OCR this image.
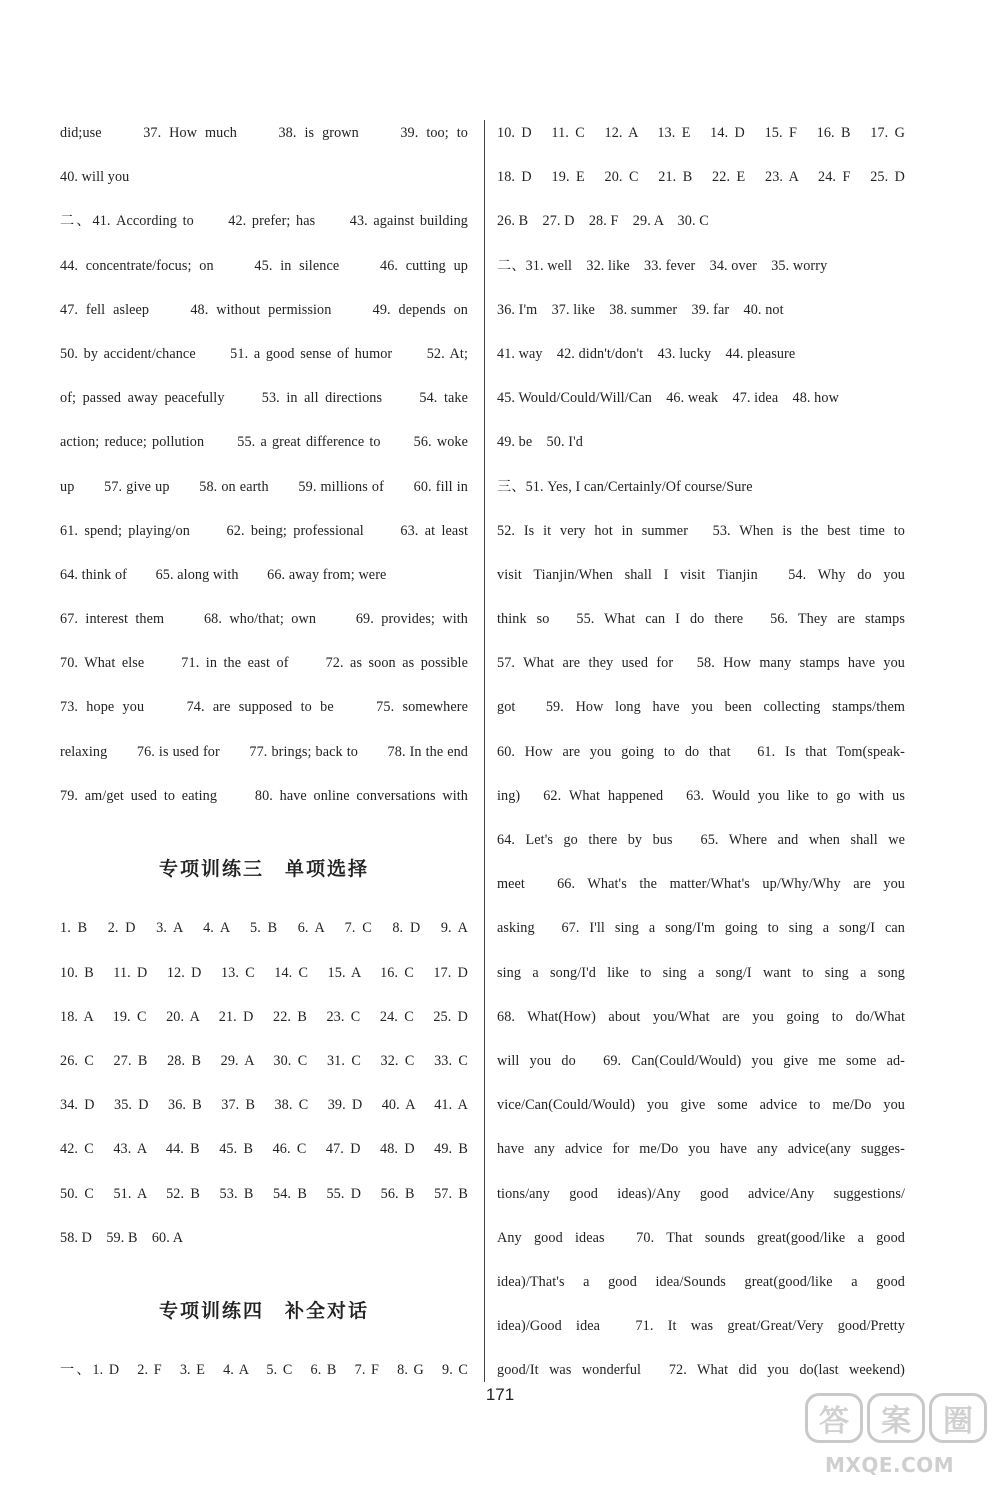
did;use　　37. How much　　38. is grown　　39. too; to
40. will you
二、41. According to　　42. prefer; has　　43. against building
44. concentrate/focus; on　　45. in silence　　46. cutting up
47. fell asleep　　48. without permission　　49. depends on
50. by accident/chance　　51. a good sense of humor　　52. At;
of; passed away peacefully　　53. in all directions　　54. take
action; reduce; pollution　　55. a great difference to　　56. woke
up　　57. give up　　58. on earth　　59. millions of　　60. fill in
61. spend; playing/on　　62. being; professional　　63. at least
64. think of　　65. along with　　66. away from; were
67. interest them　　68. who/that; own　　69. provides; with
70. What else　　71. in the east of　　72. as soon as possible
73. hope you　　74. are supposed to be　　75. somewhere
relaxing　　76. is used for　　77. brings; back to　　78. In the end
79. am/get used to eating　　80. have online conversations with
专项训练三　单项选择
1. B　2. D　3. A　4. A　5. B　6. A　7. C　8. D　9. A
10. B　11. D　12. D　13. C　14. C　15. A　16. C　17. D
18. A　19. C　20. A　21. D　22. B　23. C　24. C　25. D
26. C　27. B　28. B　29. A　30. C　31. C　32. C　33. C
34. D　35. D　36. B　37. B　38. C　39. D　40. A　41. A
42. C　43. A　44. B　45. B　46. C　47. D　48. D　49. B
50. C　51. A　52. B　53. B　54. B　55. D　56. B　57. B
58. D　59. B　60. A
专项训练四　补全对话
一、1. D　2. F　3. E　4. A　5. C　6. B　7. F　8. G　9. C
10. D　11. C　12. A　13. E　14. D　15. F　16. B　17. G
18. D　19. E　20. C　21. B　22. E　23. A　24. F　25. D
26. B　27. D　28. F　29. A　30. C
二、31. well　32. like　33. fever　34. over　35. worry
36. I'm　37. like　38. summer　39. far　40. not
41. way　42. didn't/don't　43. lucky　44. pleasure
45. Would/Could/Will/Can　46. weak　47. idea　48. how
49. be　50. I'd
三、51. Yes, I can/Certainly/Of course/Sure
52. Is it very hot in summer　53. When is the best time to
visit Tianjin/When shall I visit Tianjin　54. Why do you
think so　55. What can I do there　56. They are stamps
57. What are they used for　58. How many stamps have you
got　59. How long have you been collecting stamps/them
60. How are you going to do that　61. Is that Tom(speak-
ing)　62. What happened　63. Would you like to go with us
64. Let's go there by bus　65. Where and when shall we
meet　66. What's the matter/What's up/Why/Why are you
asking　67. I'll sing a song/I'm going to sing a song/I can
sing a song/I'd like to sing a song/I want to sing a song
68. What(How) about you/What are you going to do/What
will you do　69. Can(Could/Would) you give me some ad-
vice/Can(Could/Would) you give some advice to me/Do you
have any advice for me/Do you have any advice(any sugges-
tions/any good ideas)/Any good advice/Any suggestions/
Any good ideas　70. That sounds great(good/like a good
idea)/That's a good idea/Sounds great(good/like a good
idea)/Good idea　71. It was great/Great/Very good/Pretty
good/It was wonderful　72. What did you do(last weekend)
171
答	案	圈
MXQE.COM
